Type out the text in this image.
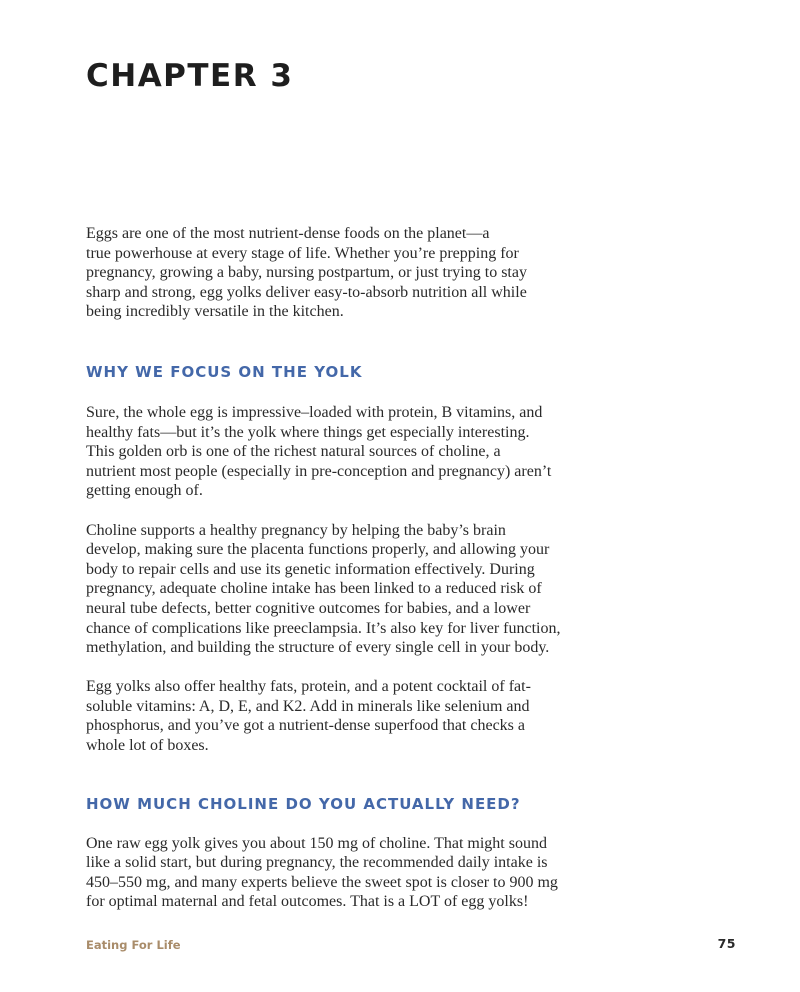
CHAPTER 3

Eggs are one of the most nutrient-dense foods on the planet—a
true powerhouse at every stage of life. Whether you’re prepping for
pregnancy, growing a baby, nursing postpartum, or just trying to stay
sharp and strong, egg yolks deliver easy-to-absorb nutrition all while
being incredibly versatile in the kitchen.

WHY WE FOCUS ON THE YOLK

Sure, the whole egg is impressive–loaded with protein, B vitamins, and
healthy fats—but it’s the yolk where things get especially interesting.
This golden orb is one of the richest natural sources of choline, a
nutrient most people (especially in pre-conception and pregnancy) aren’t
getting enough of.

Choline supports a healthy pregnancy by helping the baby’s brain
develop, making sure the placenta functions properly, and allowing your
body to repair cells and use its genetic information effectively. During
pregnancy, adequate choline intake has been linked to a reduced risk of
neural tube defects, better cognitive outcomes for babies, and a lower
chance of complications like preeclampsia. It’s also key for liver function,
methylation, and building the structure of every single cell in your body.

Egg yolks also offer healthy fats, protein, and a potent cocktail of fat-
soluble vitamins: A, D, E, and K2. Add in minerals like selenium and
phosphorus, and you’ve got a nutrient-dense superfood that checks a
whole lot of boxes.

HOW MUCH CHOLINE DO YOU ACTUALLY NEED?

One raw egg yolk gives you about 150 mg of choline. That might sound
like a solid start, but during pregnancy, the recommended daily intake is
450–550 mg, and many experts believe the sweet spot is closer to 900 mg
for optimal maternal and fetal outcomes. That is a LOT of egg yolks!

Eating For Life	75
